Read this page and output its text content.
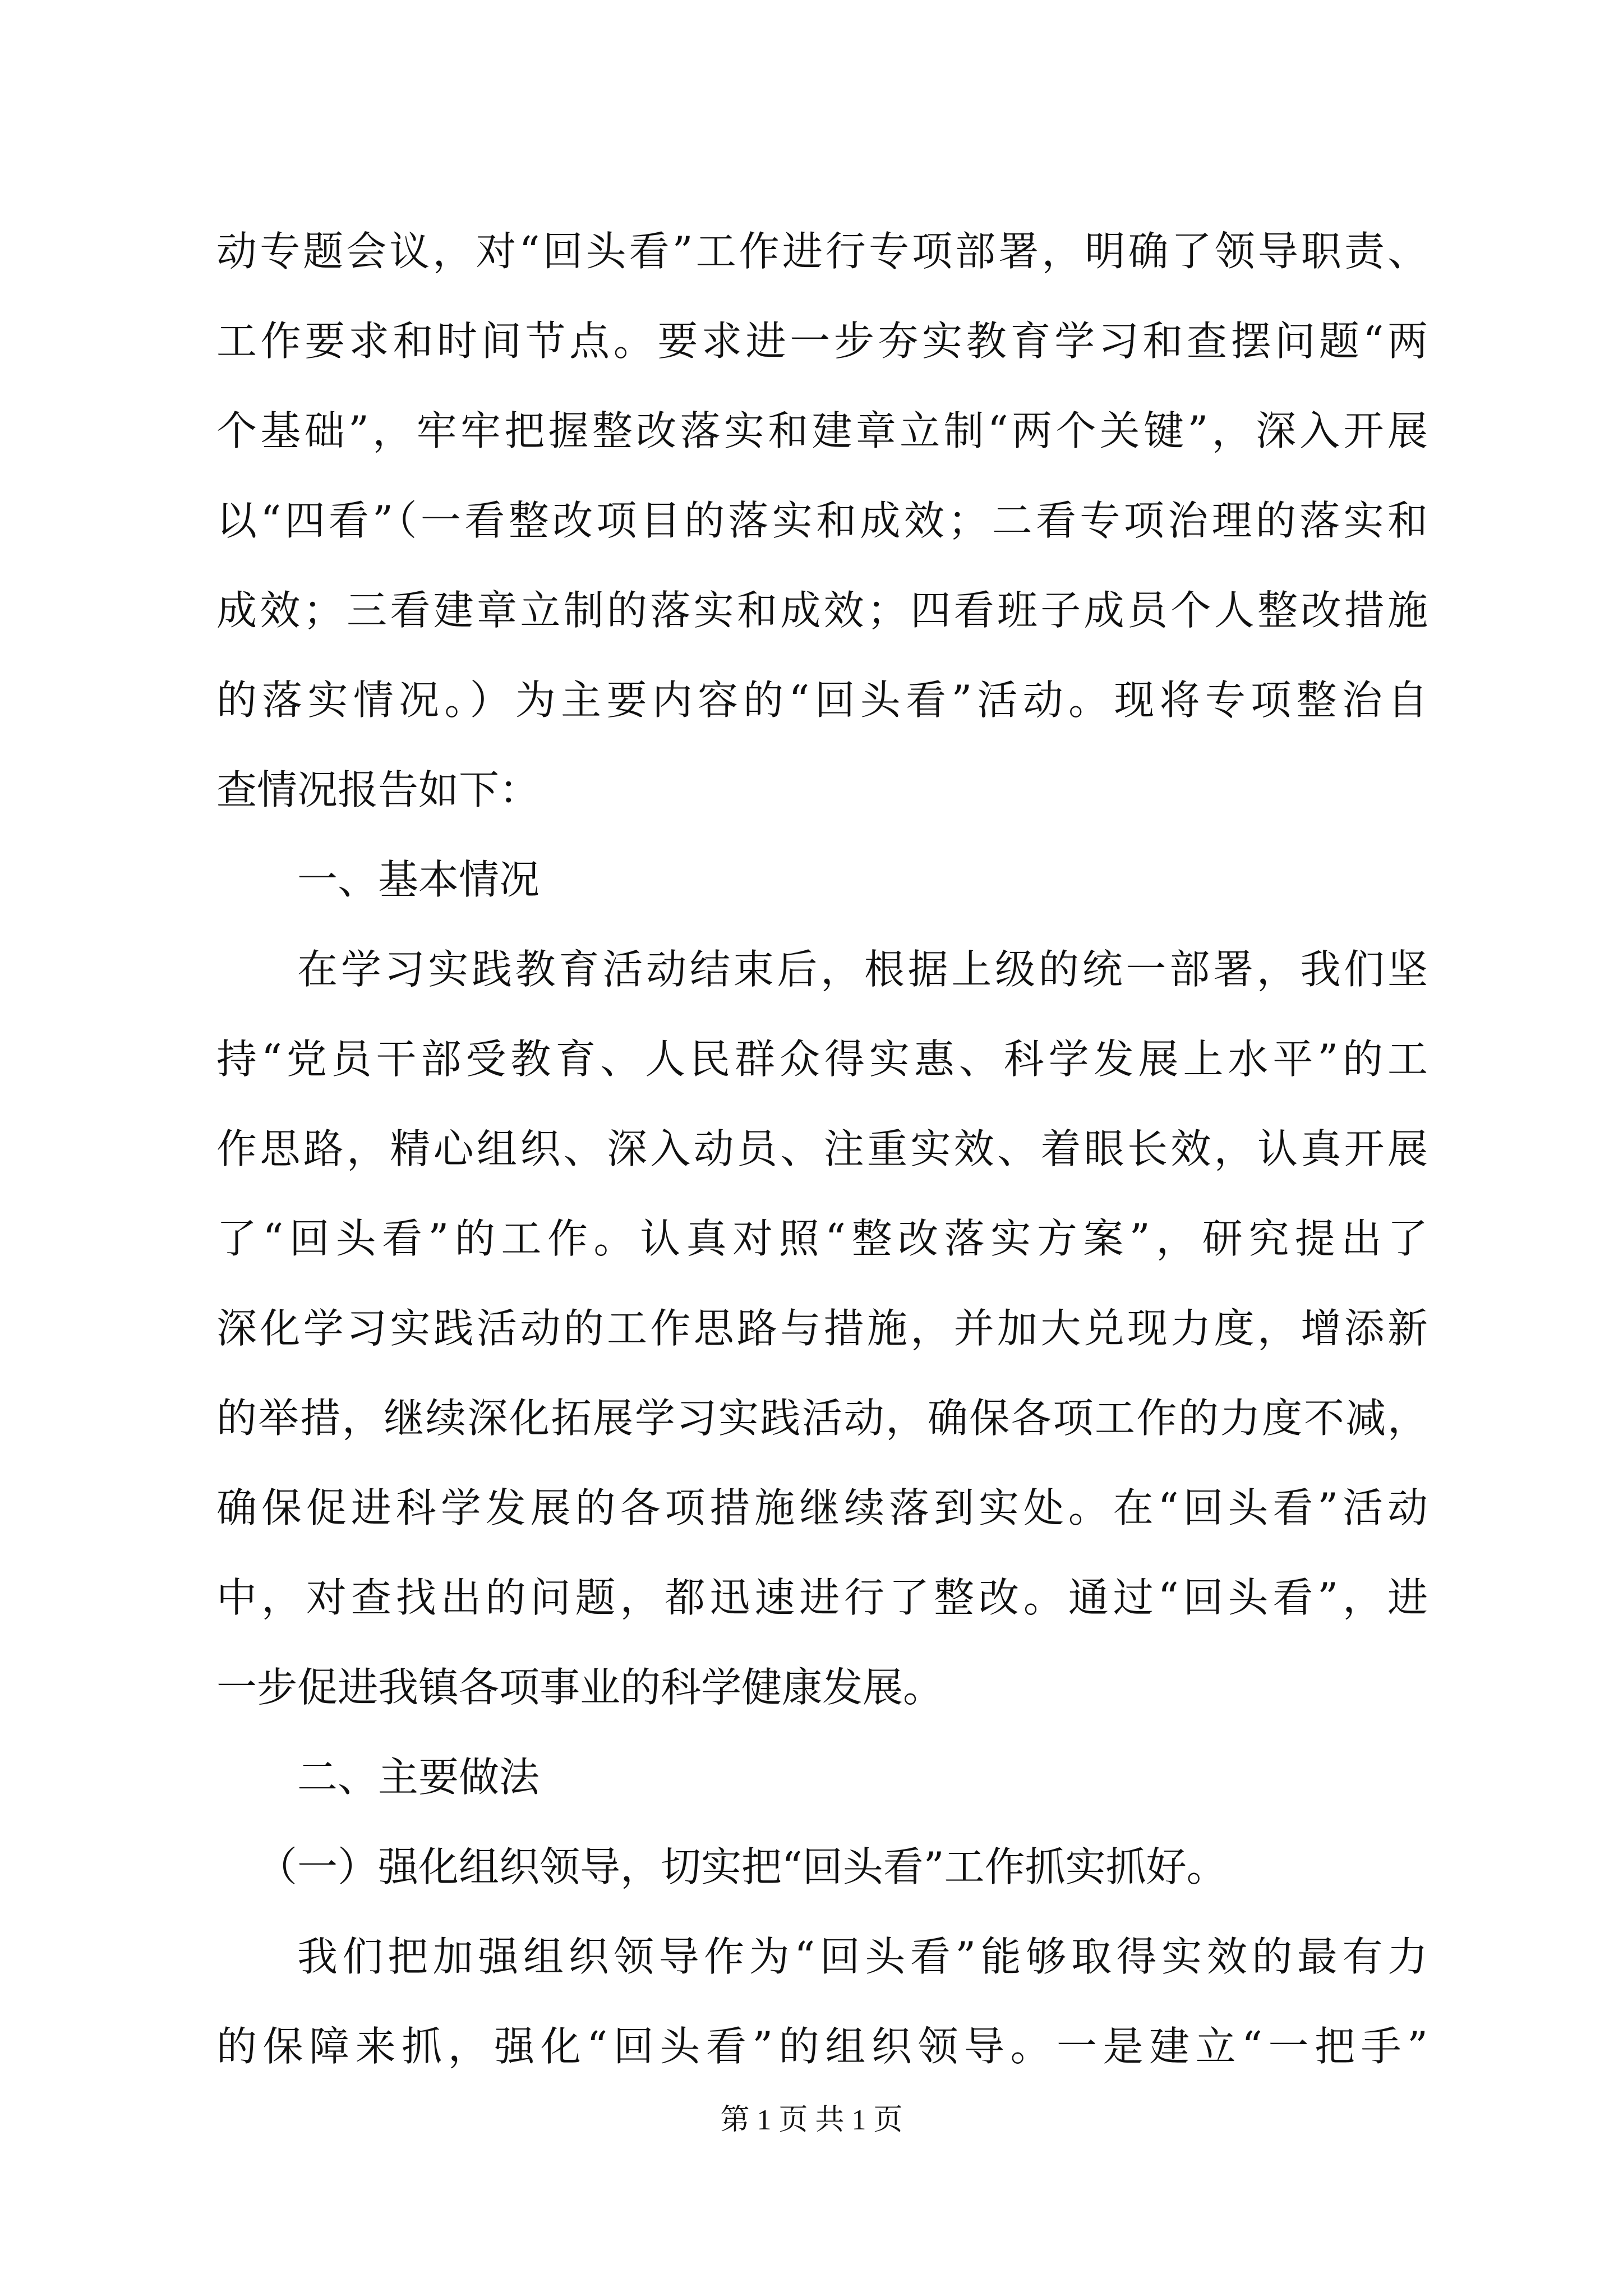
动专题会议，对“回头看”工作进行专项部署，明确了领导职责、
工作要求和时间节点。要求进一步夯实教育学习和查摆问题“两
个基础”，牢牢把握整改落实和建章立制“两个关键”，深入开展
以“四看”（一看整改项目的落实和成效；二看专项治理的落实和
成效；三看建章立制的落实和成效；四看班子成员个人整改措施
的落实情况。）为主要内容的“回头看”活动。现将专项整治自
查情况报告如下：
一、基本情况
在学习实践教育活动结束后，根据上级的统一部署，我们坚
持“党员干部受教育、人民群众得实惠、科学发展上水平”的工
作思路，精心组织、深入动员、注重实效、着眼长效，认真开展
了“回头看”的工作。认真对照“整改落实方案”，研究提出了
深化学习实践活动的工作思路与措施，并加大兑现力度，增添新
的举措，继续深化拓展学习实践活动，确保各项工作的力度不减，
确保促进科学发展的各项措施继续落到实处。在“回头看”活动
中，对查找出的问题，都迅速进行了整改。通过“回头看”，进
一步促进我镇各项事业的科学健康发展。
二、主要做法
（一）强化组织领导，切实把“回头看”工作抓实抓好。
我们把加强组织领导作为“回头看”能够取得实效的最有力
的保障来抓，强化“回头看”的组织领导。一是建立“一把手”
第 1 页 共 1 页
